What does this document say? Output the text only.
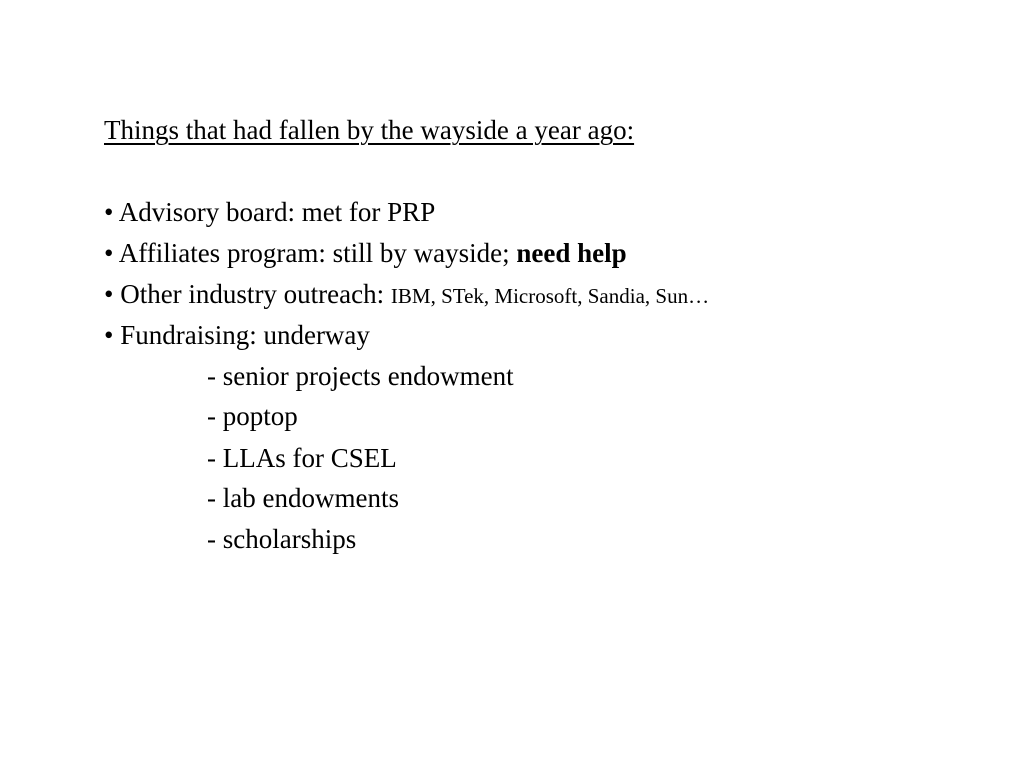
Things that had fallen by the wayside a year ago:
• Advisory board: met for PRP
• Affiliates program: still by wayside; need help
• Other industry outreach: IBM, STek, Microsoft, Sandia, Sun…
• Fundraising: underway
- senior projects endowment
- poptop
- LLAs for CSEL
- lab endowments
- scholarships
